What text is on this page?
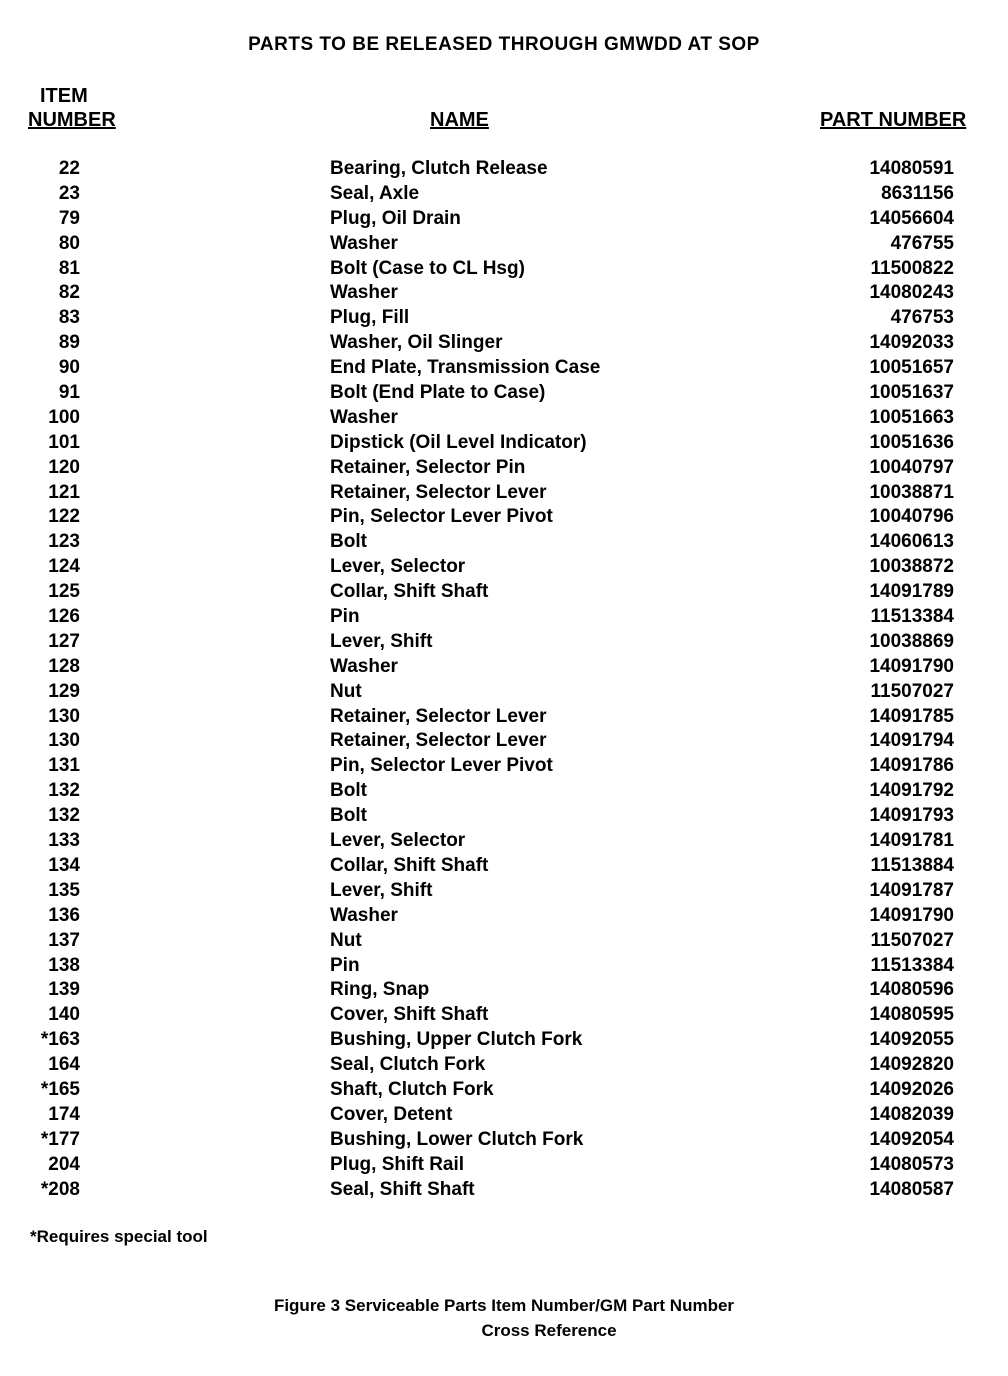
PARTS TO BE RELEASED THROUGH GMWDD AT SOP
ITEM
NUMBER	NAME	PART NUMBER
22	Bearing, Clutch Release	14080591
23	Seal, Axle	8631156
79	Plug, Oil Drain	14056604
80	Washer	476755
81	Bolt (Case to CL Hsg)	11500822
82	Washer	14080243
83	Plug, Fill	476753
89	Washer, Oil Slinger	14092033
90	End Plate, Transmission Case	10051657
91	Bolt (End Plate to Case)	10051637
100	Washer	10051663
101	Dipstick (Oil Level Indicator)	10051636
120	Retainer, Selector Pin	10040797
121	Retainer, Selector Lever	10038871
122	Pin, Selector Lever Pivot	10040796
123	Bolt	14060613
124	Lever, Selector	10038872
125	Collar, Shift Shaft	14091789
126	Pin	11513384
127	Lever, Shift	10038869
128	Washer	14091790
129	Nut	11507027
130	Retainer, Selector Lever	14091785
130	Retainer, Selector Lever	14091794
131	Pin, Selector Lever Pivot	14091786
132	Bolt	14091792
132	Bolt	14091793
133	Lever, Selector	14091781
134	Collar, Shift Shaft	11513884
135	Lever, Shift	14091787
136	Washer	14091790
137	Nut	11507027
138	Pin	11513384
139	Ring, Snap	14080596
140	Cover, Shift Shaft	14080595
*163	Bushing, Upper Clutch Fork	14092055
164	Seal, Clutch Fork	14092820
*165	Shaft, Clutch Fork	14092026
174	Cover, Detent	14082039
*177	Bushing, Lower Clutch Fork	14092054
204	Plug, Shift Rail	14080573
*208	Seal, Shift Shaft	14080587
*Requires special tool
Figure 3 Serviceable Parts Item Number/GM Part Number
Cross Reference
